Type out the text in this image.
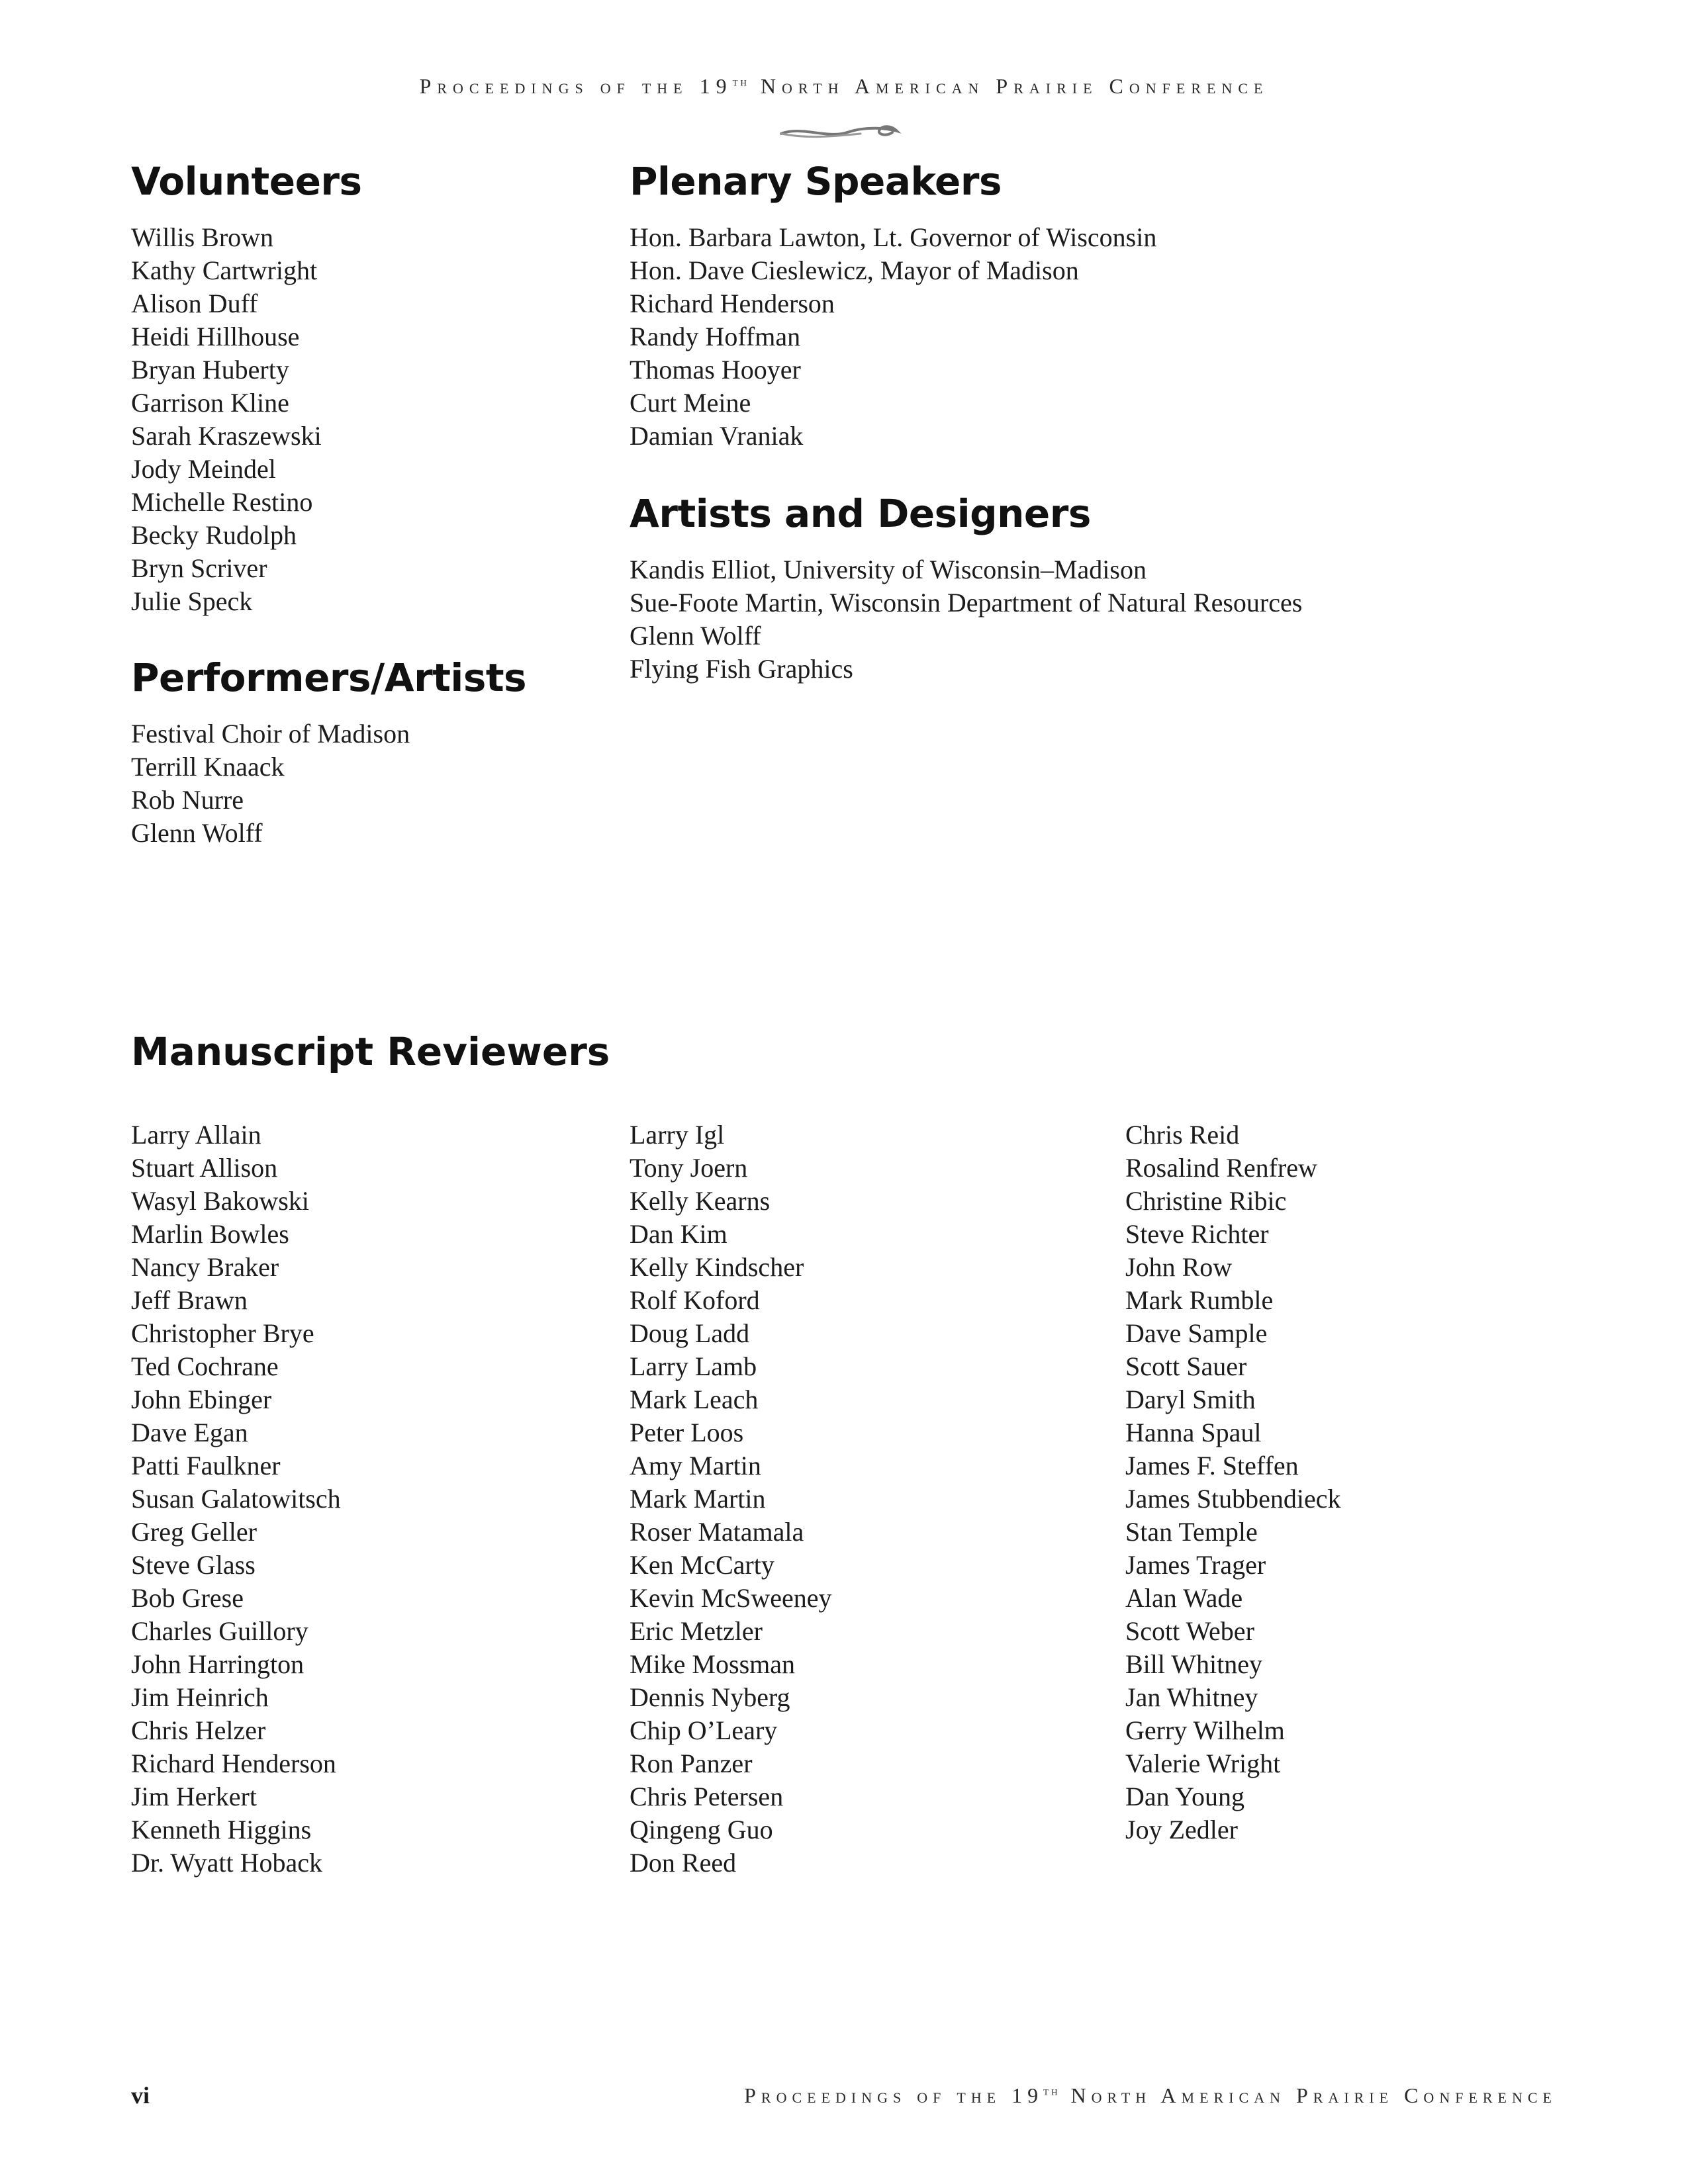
Proceedings of the 19th North American Prairie Conference
Volunteers
Willis Brown
Kathy Cartwright
Alison Duff
Heidi Hillhouse
Bryan Huberty
Garrison Kline
Sarah Kraszewski
Jody Meindel
Michelle Restino
Becky Rudolph
Bryn Scriver
Julie Speck
Plenary Speakers
Hon. Barbara Lawton, Lt. Governor of Wisconsin
Hon. Dave Cieslewicz, Mayor of Madison
Richard Henderson
Randy Hoffman
Thomas Hooyer
Curt Meine
Damian Vraniak
Artists and Designers
Kandis Elliot, University of Wisconsin–Madison
Sue-Foote Martin, Wisconsin Department of Natural Resources
Glenn Wolff
Flying Fish Graphics
Performers/Artists
Festival Choir of Madison
Terrill Knaack
Rob Nurre
Glenn Wolff
Manuscript Reviewers
Larry Allain
Stuart Allison
Wasyl Bakowski
Marlin Bowles
Nancy Braker
Jeff Brawn
Christopher Brye
Ted Cochrane
John Ebinger
Dave Egan
Patti Faulkner
Susan Galatowitsch
Greg Geller
Steve Glass
Bob Grese
Charles Guillory
John Harrington
Jim Heinrich
Chris Helzer
Richard Henderson
Jim Herkert
Kenneth Higgins
Dr. Wyatt Hoback
Larry Igl
Tony Joern
Kelly Kearns
Dan Kim
Kelly Kindscher
Rolf Koford
Doug Ladd
Larry Lamb
Mark Leach
Peter Loos
Amy Martin
Mark Martin
Roser Matamala
Ken McCarty
Kevin McSweeney
Eric Metzler
Mike Mossman
Dennis Nyberg
Chip O’Leary
Ron Panzer
Chris Petersen
Qingeng Guo
Don Reed
Chris Reid
Rosalind Renfrew
Christine Ribic
Steve Richter
John Row
Mark Rumble
Dave Sample
Scott Sauer
Daryl Smith
Hanna Spaul
James F. Steffen
James Stubbendieck
Stan Temple
James Trager
Alan Wade
Scott Weber
Bill Whitney
Jan Whitney
Gerry Wilhelm
Valerie Wright
Dan Young
Joy Zedler
vi	Proceedings of the 19th North American Prairie Conference
